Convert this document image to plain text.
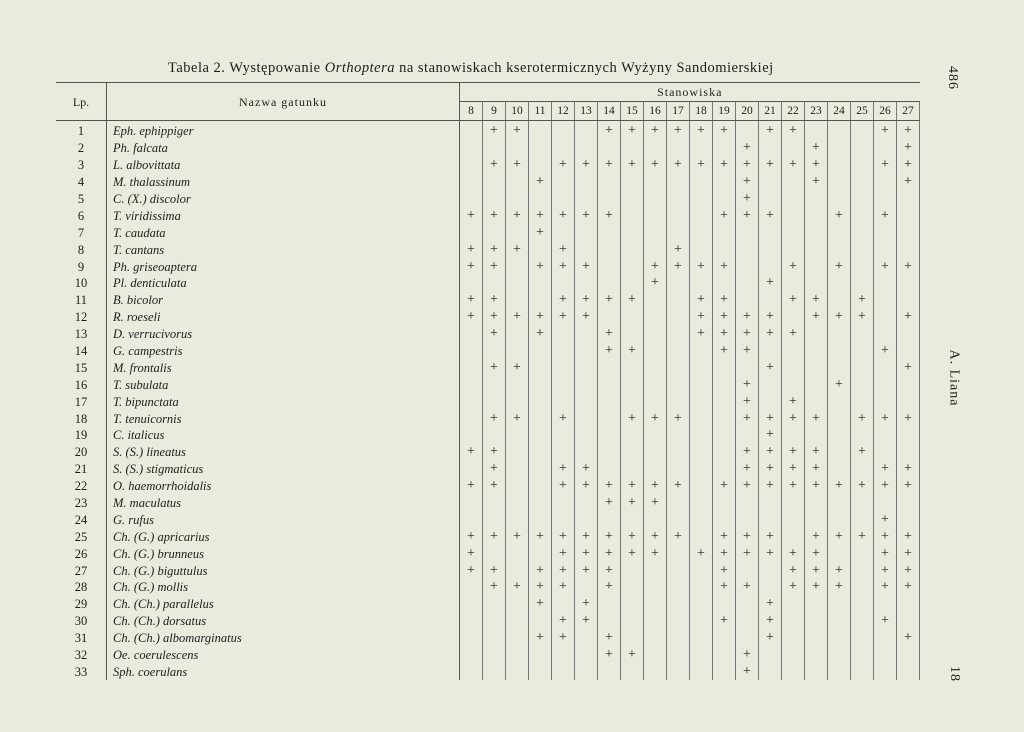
Tabela 2. Występowanie Orthoptera na stanowiskach kserotermicznych Wyżyny Sandomierskiej	486
A. Liana
18
Lp.	Nazwa gatunku	Stanowiska																			
		8	9	10	11	12	13	14	15	16	17	18	19	20	21	22	23	24	25	26	27
1	Eph. ephippiger		+	+				+	+	+	+	+	+		+	+				+	+
2	Ph. falcata													+			+				+
3	L. albovittata		+	+		+	+	+	+	+	+	+	+	+	+	+	+			+	+
4	M. thalassinum				+									+			+				+
5	C. (X.) discolor													+							
6	T. viridissima	+	+	+	+	+	+	+					+	+	+			+		+	
7	T. caudata				+																
8	T. cantans	+	+	+		+					+										
9	Ph. griseoaptera	+	+		+	+	+			+	+	+	+			+		+		+	+
10	Pl. denticulata									+					+						
11	B. bicolor	+	+			+	+	+	+			+	+			+	+		+		
12	R. roeseli	+	+	+	+	+	+					+	+	+	+		+	+	+		+
13	D. verrucivorus		+		+			+				+	+	+	+	+					
14	G. campestris							+	+				+	+						+	
15	M. frontalis		+	+											+						+
16	T. subulata													+				+			
17	T. bipunctata													+		+					
18	T. tenuicornis		+	+		+			+	+	+			+	+	+	+		+	+	+
19	C. italicus														+						
20	S. (S.) lineatus	+	+											+	+	+	+		+		
21	S. (S.) stigmaticus		+			+	+							+	+	+	+			+	+
22	O. haemorrhoidalis	+	+			+	+	+	+	+	+		+	+	+	+	+	+	+	+	+
23	M. maculatus							+	+	+											
24	G. rufus																			+	
25	Ch. (G.) apricarius	+	+	+	+	+	+	+	+	+	+		+	+	+		+	+	+	+	+
26	Ch. (G.) brunneus	+				+	+	+	+	+		+	+	+	+	+	+			+	+
27	Ch. (G.) biguttulus	+	+		+	+	+	+					+			+	+	+		+	+
28	Ch. (G.) mollis		+	+	+	+		+					+	+		+	+	+		+	+
29	Ch. (Ch.) parallelus				+		+								+						
30	Ch. (Ch.) dorsatus					+	+						+		+					+	
31	Ch. (Ch.) albomarginatus				+	+		+							+						+
32	Oe. coerulescens							+	+					+							
33	Sph. coerulans													+							
